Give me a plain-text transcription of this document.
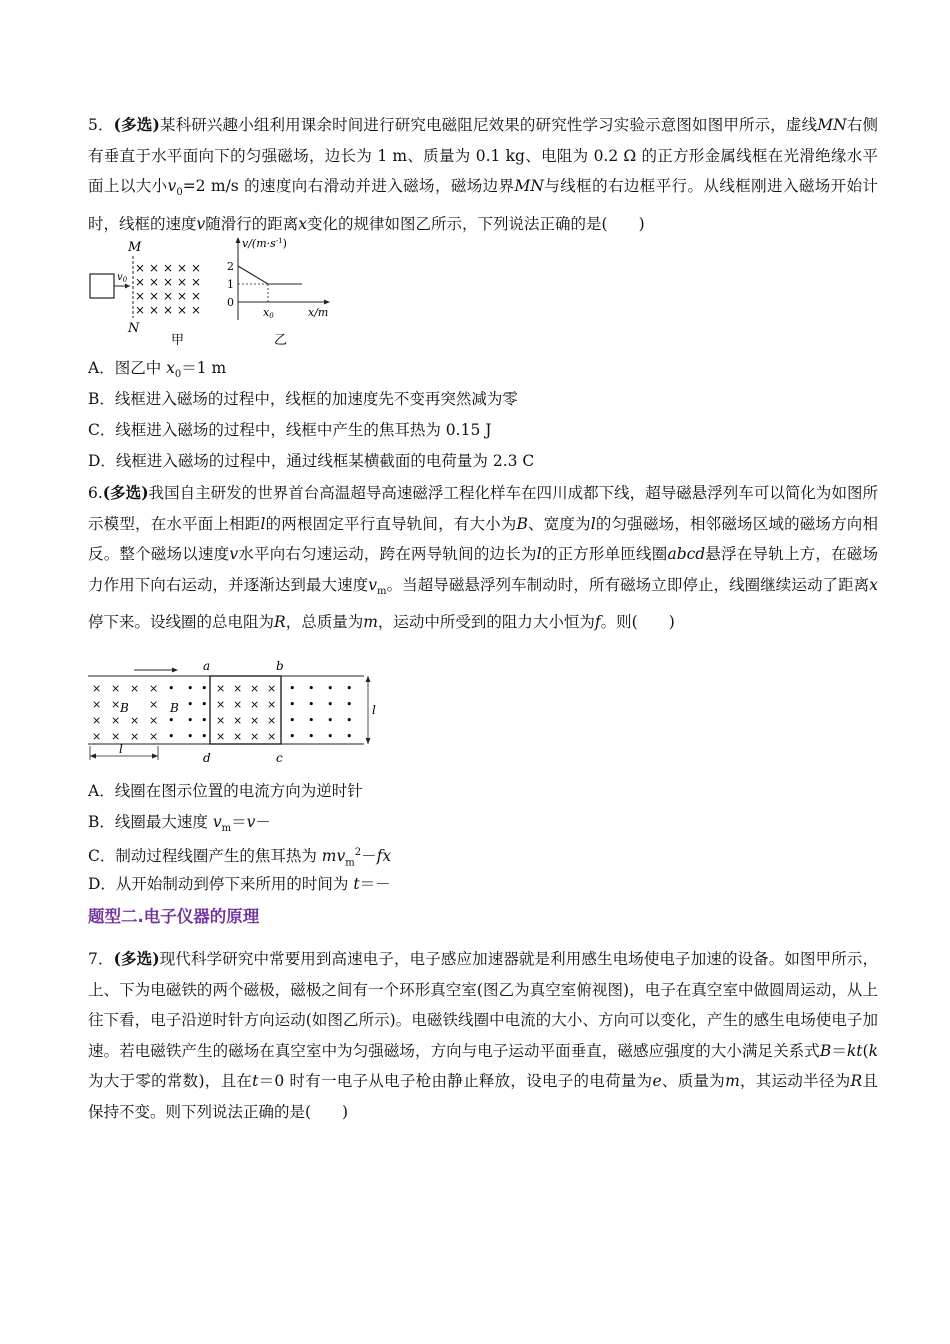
5．(多选)某科研兴趣小组利用课余时间进行研究电磁阻尼效果的研究性学习实验示意图如图甲所示，虚线MN右侧有垂直于水平面向下的匀强磁场，边长为 1 m、质量为 0.1 kg、电阻为 0.2 Ω 的正方形金属线框在光滑绝缘水平面上以大小$v_0=2$ m/s 的速度向右滑动并进入磁场，磁场边界MN与线框的右边框平行。从线框刚进入磁场开始计时，线框的速度v随滑行的距离x变化的规律如图乙所示，下列说法正确的是(　　)

M
N
$v_0$
× × × × ×
× × × × ×
× × × × ×
× × × × ×
甲
$v/(m\cdot s^{-1})$
2
1
0
x0	x/m
乙
A．图乙中 $x_0=1$ m
B．线框进入磁场的过程中，线框的加速度先不变再突然减为零
C．线框进入磁场的过程中，线框中产生的焦耳热为 0.15 J
D．线框进入磁场的过程中，通过线框某横截面的电荷量为 2.3 C

6.(多选)我国自主研发的世界首台高温超导高速磁浮工程化样车在四川成都下线，超导磁悬浮列车可以简化为如图所示模型，在水平面上相距l的两根固定平行直导轨间，有大小为B、宽度为l的匀强磁场，相邻磁场区域的磁场方向相反。整个磁场以速度v水平向右匀速运动，跨在两导轨间的边长为l的正方形单匝线圈abcd悬浮在导轨上方，在磁场力作用下向右运动，并逐渐达到最大速度$v_m$。当超导磁悬浮列车制动时，所有磁场立即停止，线圈继续运动了距离x停下来。设线圈的总电阻为R，总质量为m，运动中所受到的阻力大小恒为f。则(　　)

a	b
× × × × • • • × × × × • • • •
× ×	×	• • × × × × • • • •
× × × × • • • × × × × • • • •
× × × × • • • × × × × • • • •
B	B
d	c
l
l
A．线圈在图示位置的电流方向为逆时针
B．线圈最大速度 $v_m=v-$
C．制动过程线圈产生的焦耳热为 $mv_m^2-fx$
D．从开始制动到停下来所用的时间为 t＝－
题型二.电子仪器的原理

7．(多选)现代科学研究中常要用到高速电子，电子感应加速器就是利用感生电场使电子加速的设备。如图甲所示，上、下为电磁铁的两个磁极，磁极之间有一个环形真空室(图乙为真空室俯视图)，电子在真空室中做圆周运动，从上往下看，电子沿逆时针方向运动(如图乙所示)。电磁铁线圈中电流的大小、方向可以变化，产生的感生电场使电子加速。若电磁铁产生的磁场在真空室中为匀强磁场，方向与电子运动平面垂直，磁感应强度的大小满足关系式B＝kt(k为大于零的常数)，且在t＝0 时有一电子从电子枪由静止释放，设电子的电荷量为e、质量为m，其运动半径为R且保持不变。则下列说法正确的是(　　)
